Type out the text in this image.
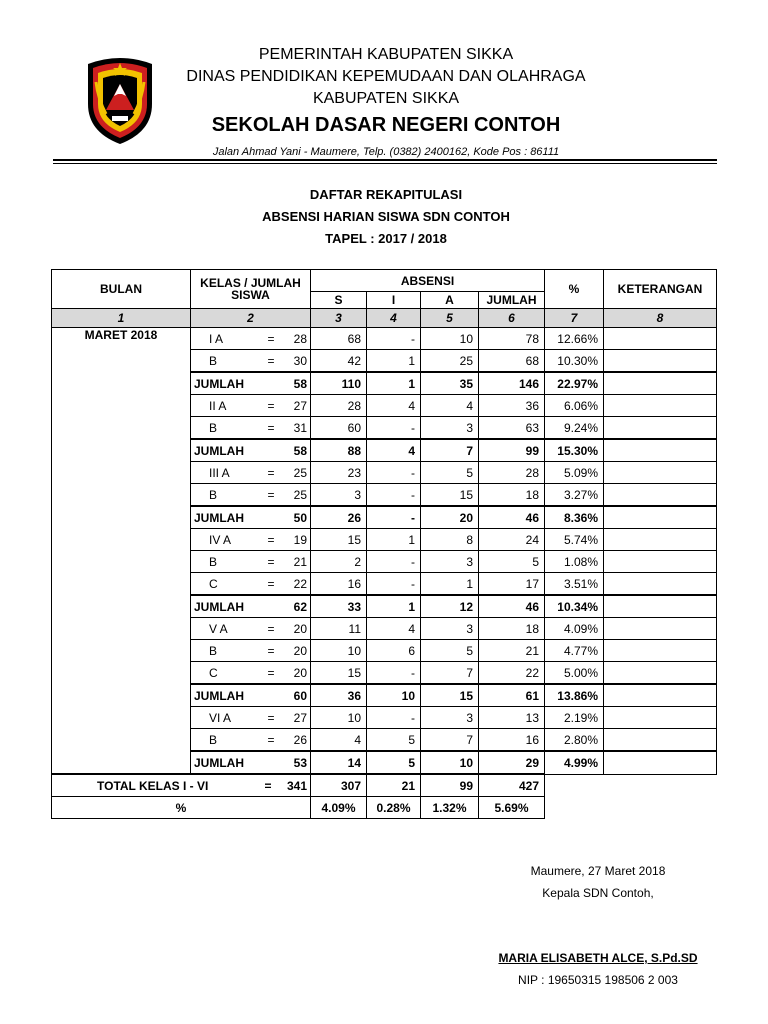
PEMERINTAH KABUPATEN SIKKA
DINAS PENDIDIKAN KEPEMUDAAN DAN OLAHRAGA
KABUPATEN SIKKA
SEKOLAH DASAR NEGERI CONTOH
Jalan Ahmad Yani - Maumere, Telp. (0382) 2400162, Kode Pos : 86111
DAFTAR REKAPITULASI
ABSENSI HARIAN SISWA SDN CONTOH
TAPEL : 2017 / 2018
BULAN	KELAS / JUMLAH SISWA	ABSENSI				%	KETERANGAN
		S	I	A	JUMLAH		
1	2	3	4	5	6	7	8
MARET 2018	I A = 28	68	-	10	78	12.66%	

	B = 30	42	1	25	68	10.30%	

	JUMLAH 58	110	1	35	146	22.97%	

	II A = 27	28	4	4	36	6.06%	

	B = 31	60	-	3	63	9.24%	

	JUMLAH 58	88	4	7	99	15.30%	

	III A = 25	23	-	5	28	5.09%	

	B = 25	3	-	15	18	3.27%	

	JUMLAH 50	26	-	20	46	8.36%	

	IV A = 19	15	1	8	24	5.74%	

	B = 21	2	-	3	5	1.08%	

	C = 22	16	-	1	17	3.51%	

	JUMLAH 62	33	1	12	46	10.34%	

	V A = 20	11	4	3	18	4.09%	

	B = 20	10	6	5	21	4.77%	

	C = 20	15	-	7	22	5.00%	

	JUMLAH 60	36	10	15	61	13.86%	

	VI A = 27	10	-	3	13	2.19%	

	B = 26	4	5	7	16	2.80%	

	JUMLAH 53	14	5	10	29	4.99%	

TOTAL KELAS I - VI = 341		307	21	99	427		
%		4.09%	0.28%	1.32%	5.69%		
Maumere, 27 Maret 2018
Kepala SDN Contoh,
MARIA ELISABETH ALCE, S.Pd.SD
NIP : 19650315 198506 2 003
